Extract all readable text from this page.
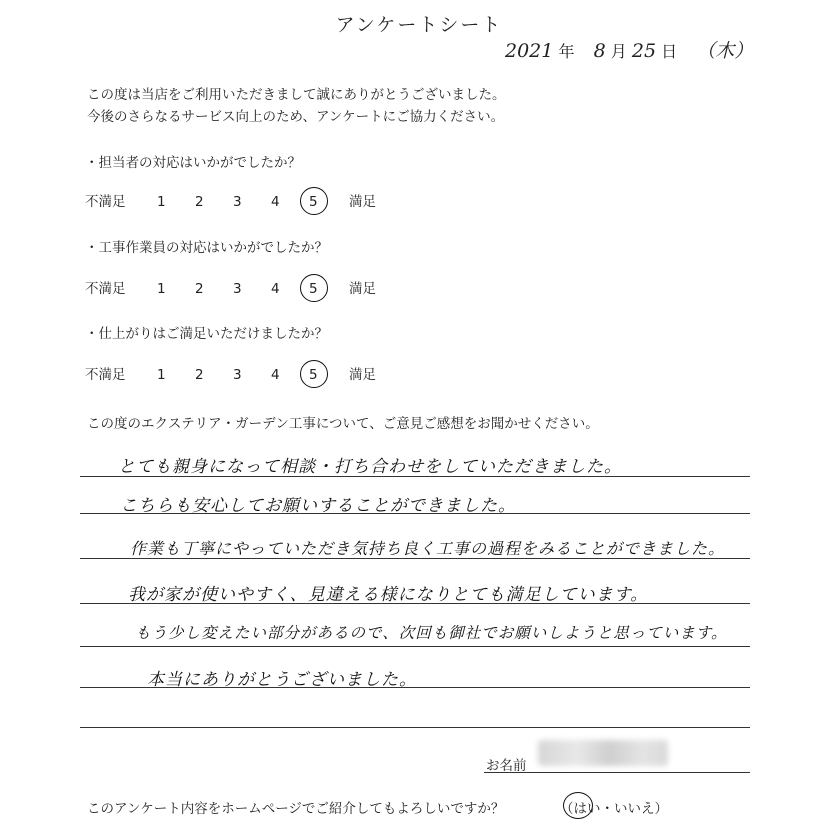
アンケートシート
2021 年 8 月 25 日 （木）
この度は当店をご利用いただきまして誠にありがとうございました。
今後のさらなるサービス向上のため、アンケートにご協力ください。
・担当者の対応はいかがでしたか？
不満足 1 2 3 4 5 満足
・工事作業員の対応はいかがでしたか？
不満足 1 2 3 4 5 満足
・仕上がりはご満足いただけましたか？
不満足 1 2 3 4 5 満足
この度のエクステリア・ガーデン工事について、ご意見ご感想をお聞かせください。
とても親身になって相談・打ち合わせをしていただきました。
こちらも安心してお願いすることができました。
作業も丁寧にやっていただき気持ち良く工事の過程をみることができました。
我が家が使いやすく、見違える様になりとても満足しています。
もう少し変えたい部分があるので、次回も御社でお願いしようと思っています。
本当にありがとうございました。
お名前
このアンケート内容をホームページでご紹介してもよろしいですか？	（はい・いいえ）
